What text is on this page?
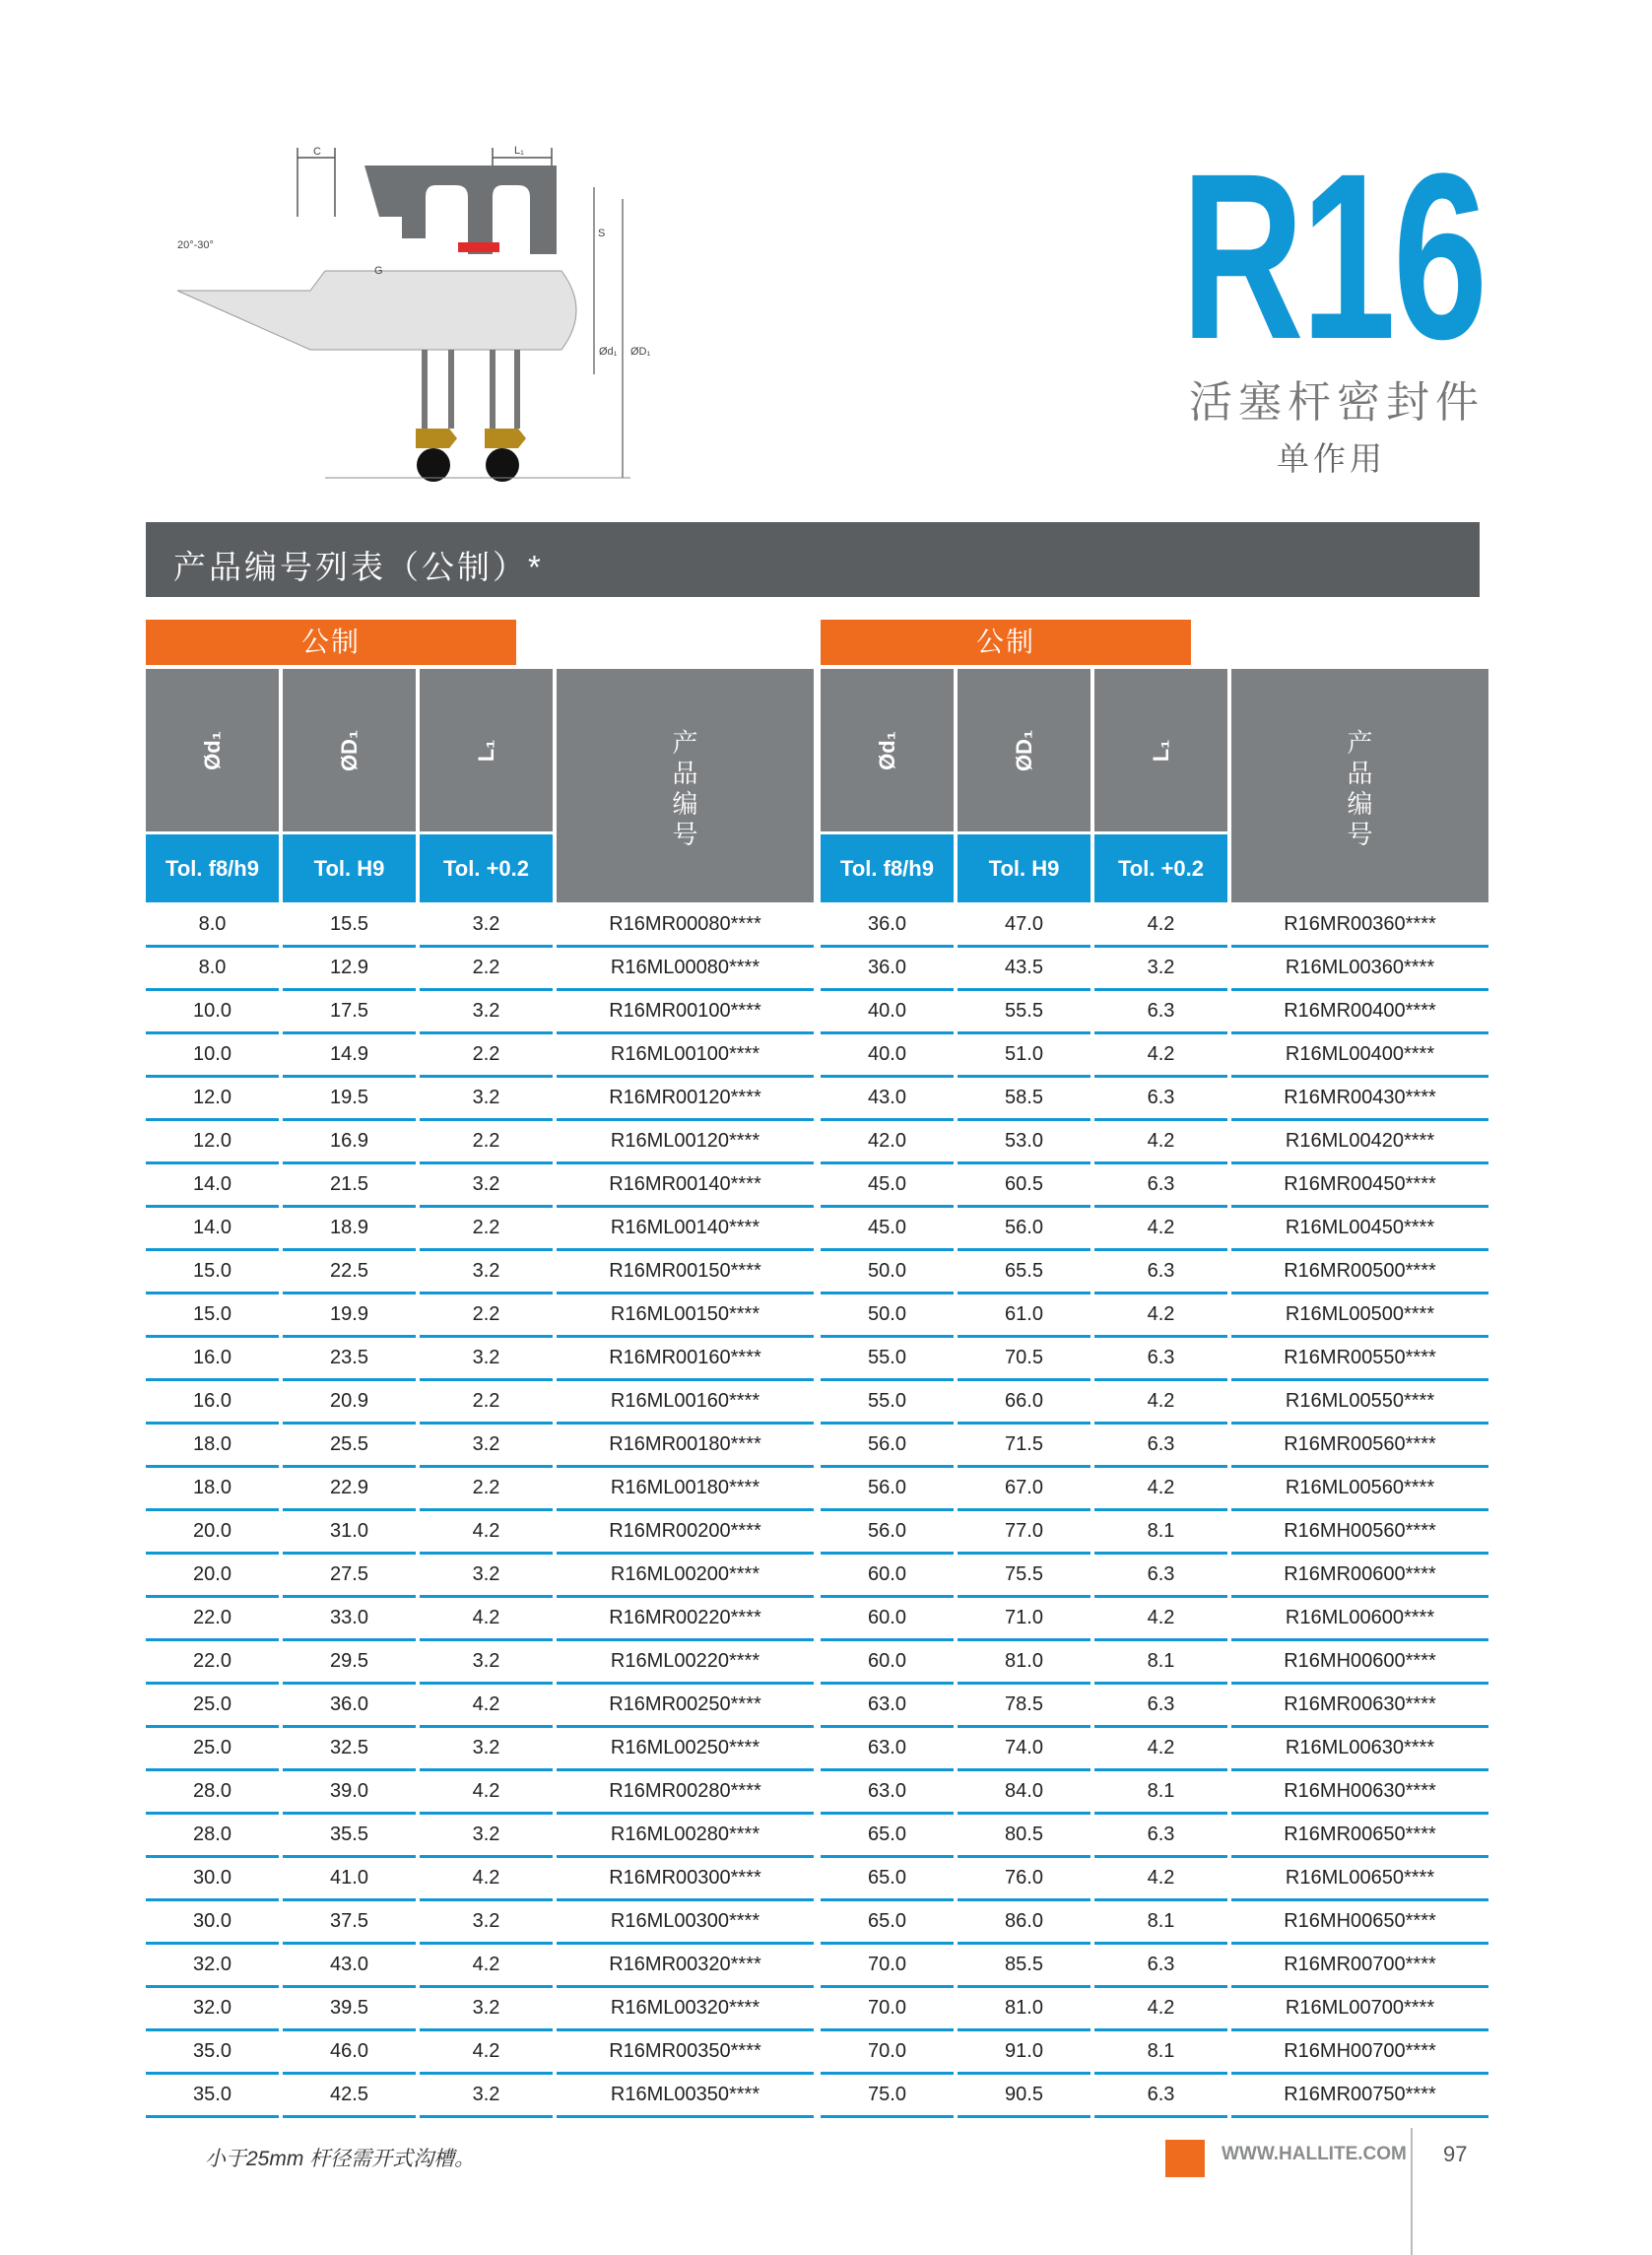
C	L₁
20°-30°
r₁
G
S
Ød₁ ØD₁ R16
活塞杆密封件
单作用
产品编号列表（公制）*
公制
Ød₁
Tol. f8/h9
ØD₁
Tol. H9
L₁
Tol. +0.2
产品编号
8.0	15.5	3.2	R16MR00080****
8.0	12.9	2.2	R16ML00080****
10.0	17.5	3.2	R16MR00100****
10.0	14.9	2.2	R16ML00100****
12.0	19.5	3.2	R16MR00120****
12.0	16.9	2.2	R16ML00120****
14.0	21.5	3.2	R16MR00140****
14.0	18.9	2.2	R16ML00140****
15.0	22.5	3.2	R16MR00150****
15.0	19.9	2.2	R16ML00150****
16.0	23.5	3.2	R16MR00160****
16.0	20.9	2.2	R16ML00160****
18.0	25.5	3.2	R16MR00180****
18.0	22.9	2.2	R16ML00180****
20.0	31.0	4.2	R16MR00200****
20.0	27.5	3.2	R16ML00200****
22.0	33.0	4.2	R16MR00220****
22.0	29.5	3.2	R16ML00220****
25.0	36.0	4.2	R16MR00250****
25.0	32.5	3.2	R16ML00250****
28.0	39.0	4.2	R16MR00280****
28.0	35.5	3.2	R16ML00280****
30.0	41.0	4.2	R16MR00300****
30.0	37.5	3.2	R16ML00300****
32.0	43.0	4.2	R16MR00320****
32.0	39.5	3.2	R16ML00320****
35.0	46.0	4.2	R16MR00350****
35.0	42.5	3.2	R16ML00350****
公制
Ød₁
Tol. f8/h9
ØD₁
Tol. H9
L₁
Tol. +0.2
产品编号
36.0	47.0	4.2	R16MR00360****
36.0	43.5	3.2	R16ML00360****
40.0	55.5	6.3	R16MR00400****
40.0	51.0	4.2	R16ML00400****
43.0	58.5	6.3	R16MR00430****
42.0	53.0	4.2	R16ML00420****
45.0	60.5	6.3	R16MR00450****
45.0	56.0	4.2	R16ML00450****
50.0	65.5	6.3	R16MR00500****
50.0	61.0	4.2	R16ML00500****
55.0	70.5	6.3	R16MR00550****
55.0	66.0	4.2	R16ML00550****
56.0	71.5	6.3	R16MR00560****
56.0	67.0	4.2	R16ML00560****
56.0	77.0	8.1	R16MH00560****
60.0	75.5	6.3	R16MR00600****
60.0	71.0	4.2	R16ML00600****
60.0	81.0	8.1	R16MH00600****
63.0	78.5	6.3	R16MR00630****
63.0	74.0	4.2	R16ML00630****
63.0	84.0	8.1	R16MH00630****
65.0	80.5	6.3	R16MR00650****
65.0	76.0	4.2	R16ML00650****
65.0	86.0	8.1	R16MH00650****
70.0	85.5	6.3	R16MR00700****
70.0	81.0	4.2	R16ML00700****
70.0	91.0	8.1	R16MH00700****
75.0	90.5	6.3	R16MR00750****
小于25mm 杆径需开式沟槽。	WWW.HALLITE.COM 97
